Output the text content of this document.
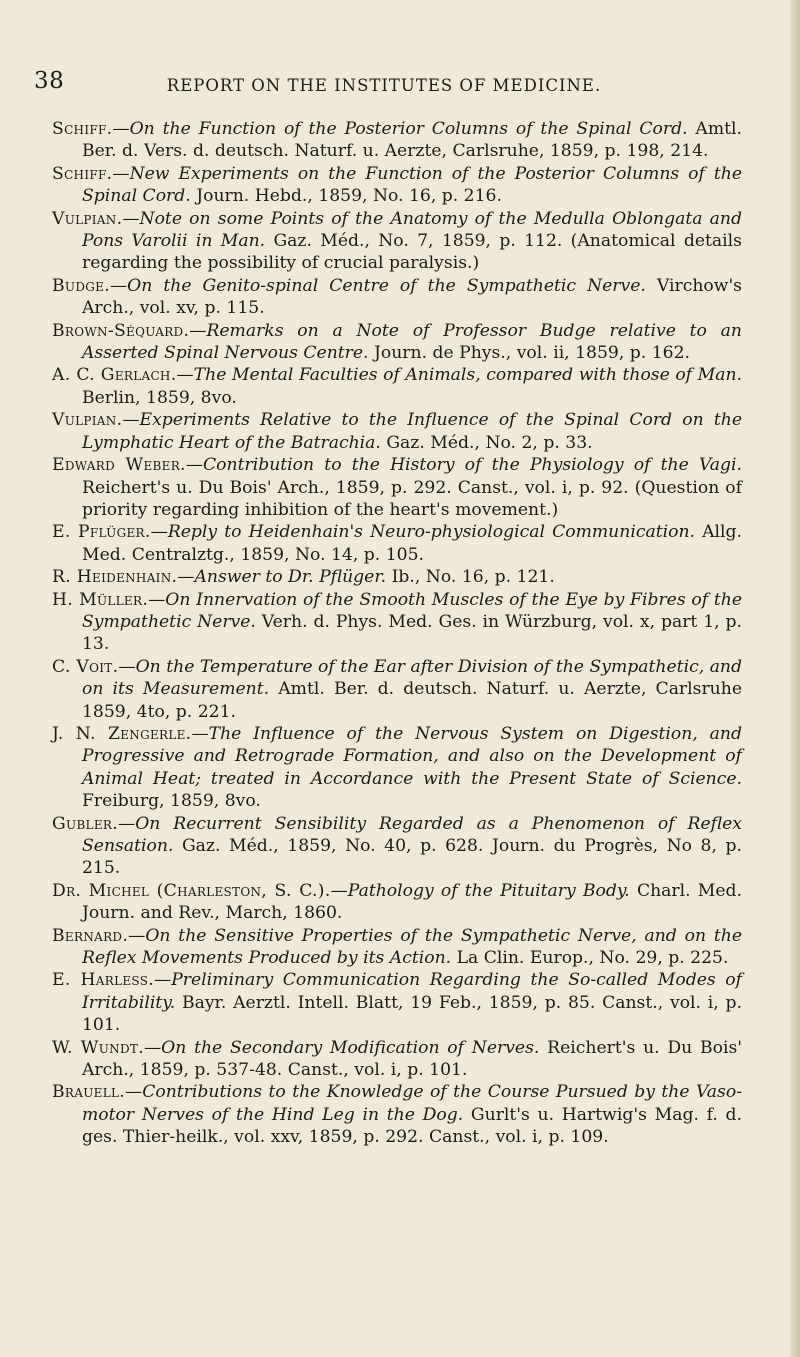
38	REPORT ON THE INSTITUTES OF MEDICINE.

Schiff.—On the Function of the Posterior Columns of the Spinal Cord. Amtl. Ber. d. Vers. d. deutsch. Naturf. u. Aerzte, Carlsruhe, 1859, p. 198, 214.

Schiff.—New Experiments on the Function of the Posterior Columns of the Spinal Cord. Journ. Hebd., 1859, No. 16, p. 216.

Vulpian.—Note on some Points of the Anatomy of the Medulla Oblongata and Pons Varolii in Man. Gaz. Méd., No. 7, 1859, p. 112. (Anatomical details regarding the possibility of crucial paralysis.)

Budge.—On the Genito-spinal Centre of the Sympathetic Nerve. Virchow's Arch., vol. xv, p. 115.

Brown-Séquard.—Remarks on a Note of Professor Budge relative to an Asserted Spinal Nervous Centre. Journ. de Phys., vol. ii, 1859, p. 162.

A. C. Gerlach.—The Mental Faculties of Animals, compared with those of Man. Berlin, 1859, 8vo.

Vulpian.—Experiments Relative to the Influence of the Spinal Cord on the Lymphatic Heart of the Batrachia. Gaz. Méd., No. 2, p. 33.

Edward Weber.—Contribution to the History of the Physiology of the Vagi. Reichert's u. Du Bois' Arch., 1859, p. 292. Canst., vol. i, p. 92. (Question of priority regarding inhibition of the heart's movement.)

E. Pflüger.—Reply to Heidenhain's Neuro-physiological Communication. Allg. Med. Centralztg., 1859, No. 14, p. 105.

R. Heidenhain.—Answer to Dr. Pflüger. Ib., No. 16, p. 121.

H. Müller.—On Innervation of the Smooth Muscles of the Eye by Fibres of the Sympathetic Nerve. Verh. d. Phys. Med. Ges. in Würzburg, vol. x, part 1, p. 13.

C. Voit.—On the Temperature of the Ear after Division of the Sympathetic, and on its Measurement. Amtl. Ber. d. deutsch. Naturf. u. Aerzte, Carlsruhe 1859, 4to, p. 221.

J. N. Zengerle.—The Influence of the Nervous System on Digestion, and Progressive and Retrograde Formation, and also on the Development of Animal Heat; treated in Accordance with the Present State of Science. Freiburg, 1859, 8vo.

Gubler.—On Recurrent Sensibility Regarded as a Phenomenon of Reflex Sensation. Gaz. Méd., 1859, No. 40, p. 628. Journ. du Progrès, No 8, p. 215.

Dr. Michel (Charleston, S. C.).—Pathology of the Pituitary Body. Charl. Med. Journ. and Rev., March, 1860.

Bernard.—On the Sensitive Properties of the Sympathetic Nerve, and on the Reflex Movements Produced by its Action. La Clin. Europ., No. 29, p. 225.

E. Harless.—Preliminary Communication Regarding the So-called Modes of Irritability. Bayr. Aerztl. Intell. Blatt, 19 Feb., 1859, p. 85. Canst., vol. i, p. 101.

W. Wundt.—On the Secondary Modification of Nerves. Reichert's u. Du Bois' Arch., 1859, p. 537-48. Canst., vol. i, p. 101.

Brauell.—Contributions to the Knowledge of the Course Pursued by the Vaso-motor Nerves of the Hind Leg in the Dog. Gurlt's u. Hartwig's Mag. f. d. ges. Thier-heilk., vol. xxv, 1859, p. 292. Canst., vol. i, p. 109.
